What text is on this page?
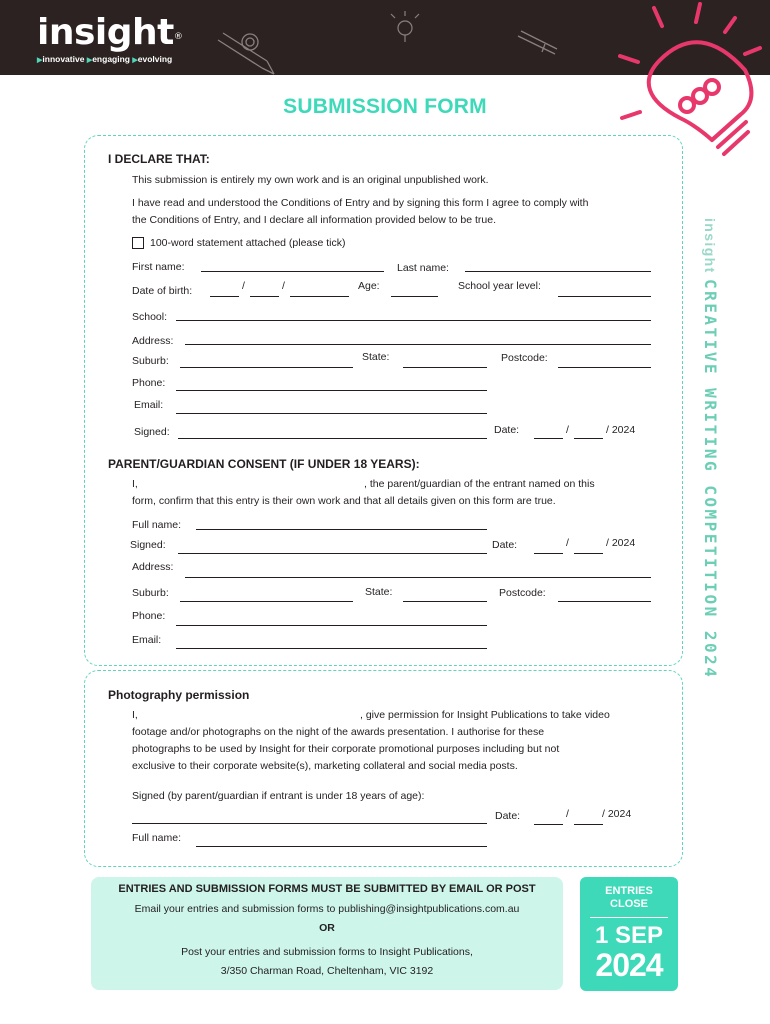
insight®
▶innovative ▶engaging ▶evolving
SUBMISSION FORM
insight CREATIVE WRITING COMPETITION 2024
I DECLARE THAT:
This submission is entirely my own work and is an original unpublished work.
I have read and understood the Conditions of Entry and by signing this form I agree to comply with
the Conditions of Entry, and I declare all information provided below to be true.
100-word statement attached (please tick)
First name:	Last name:
Date of birth:	/	/	Age:	School year level:
School:
Address:
Suburb:	State:	Postcode:
Phone:
Email:
Signed:	Date:	/	/ 2024
PARENT/GUARDIAN CONSENT (IF UNDER 18 YEARS):
I,	, the parent/guardian of the entrant named on this
form, confirm that this entry is their own work and that all details given on this form are true.
Full name:
Signed:	Date:	/	/ 2024
Address:
Suburb:	State:	Postcode:
Phone:
Email:
Photography permission
I,	, give permission for Insight Publications to take video
footage and/or photographs on the night of the awards presentation. I authorise for these
photographs to be used by Insight for their corporate promotional purposes including but not
exclusive to their corporate website(s), marketing collateral and social media posts.
Signed (by parent/guardian if entrant is under 18 years of age):
Date:	/	/ 2024
Full name:
ENTRIES AND SUBMISSION FORMS MUST BE SUBMITTED BY EMAIL OR POST
Email your entries and submission forms to publishing@insightpublications.com.au
OR
Post your entries and submission forms to Insight Publications,
3/350 Charman Road, Cheltenham, VIC 3192
ENTRIES
CLOSE
1 SEP
2024
